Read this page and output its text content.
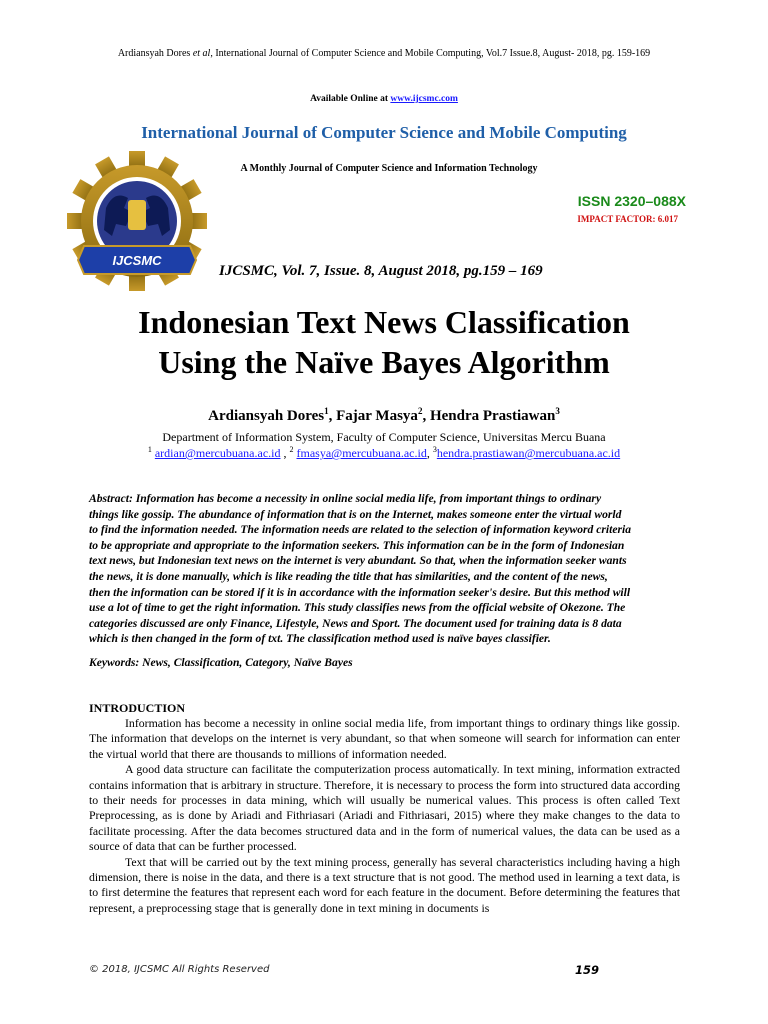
Ardiansyah Dores et al, International Journal of Computer Science and Mobile Computing, Vol.7 Issue.8, August- 2018, pg. 159-169
Available Online at www.ijcsmc.com
International Journal of Computer Science and Mobile Computing
A Monthly Journal of Computer Science and Information Technology
IJCSMC
ISSN 2320–088X
IMPACT FACTOR: 6.017
IJCSMC, Vol. 7, Issue. 8, August 2018, pg.159 – 169
Indonesian Text News Classification
Using the Naïve Bayes Algorithm
Ardiansyah Dores$^1$, Fajar Masya$^2$, Hendra Prastiawan$^3$
Department of Information System, Faculty of Computer Science, Universitas Mercu Buana
$^1$ ardian@mercubuana.ac.id , $^2$ fmasya@mercubuana.ac.id, $^3$hendra.prastiawan@mercubuana.ac.id
Abstract: Information has become a necessity in online social media life, from important things to ordinary
things like gossip. The abundance of information that is on the Internet, makes someone enter the virtual world
to find the information needed. The information needs are related to the selection of information keyword criteria
to be appropriate and appropriate to the information seekers. This information can be in the form of Indonesian
text news, but Indonesian text news on the internet is very abundant. So that, when the information seeker wants
the news, it is done manually, which is like reading the title that has similarities, and the content of the news,
then the information can be stored if it is in accordance with the information seeker's desire. But this method will
use a lot of time to get the right information. This study classifies news from the official website of Okezone. The
categories discussed are only Finance, Lifestyle, News and Sport. The document used for training data is 8 data
which is then changed in the form of txt. The classification method used is naïve bayes classifier.
Keywords: News, Classification, Category, Naïve Bayes
INTRODUCTION

Information has become a necessity in online social media life, from important things to ordinary things like gossip. The information that develops on the internet is very abundant, so that when someone will search for information can enter the virtual world that there are thousands to millions of information needed.

A good data structure can facilitate the computerization process automatically. In text mining, information extracted contains information that is arbitrary in structure. Therefore, it is necessary to process the form into structured data according to their needs for processes in data mining, which will usually be numerical values. This process is often called Text Preprocessing, as is done by Ariadi and Fithriasari (Ariadi and Fithriasari, 2015) where they make changes to the data to facilitate processing. After the data becomes structured data and in the form of numerical values, the data can be used as a source of data that can be further processed.

Text that will be carried out by the text mining process, generally has several characteristics including having a high dimension, there is noise in the data, and there is a text structure that is not good. The method used in learning a text data, is to first determine the features that represent each word for each feature in the document. Before determining the features that represent, a preprocessing stage that is generally done in text mining in documents is

© 2018, IJCSMC All Rights Reserved	159
